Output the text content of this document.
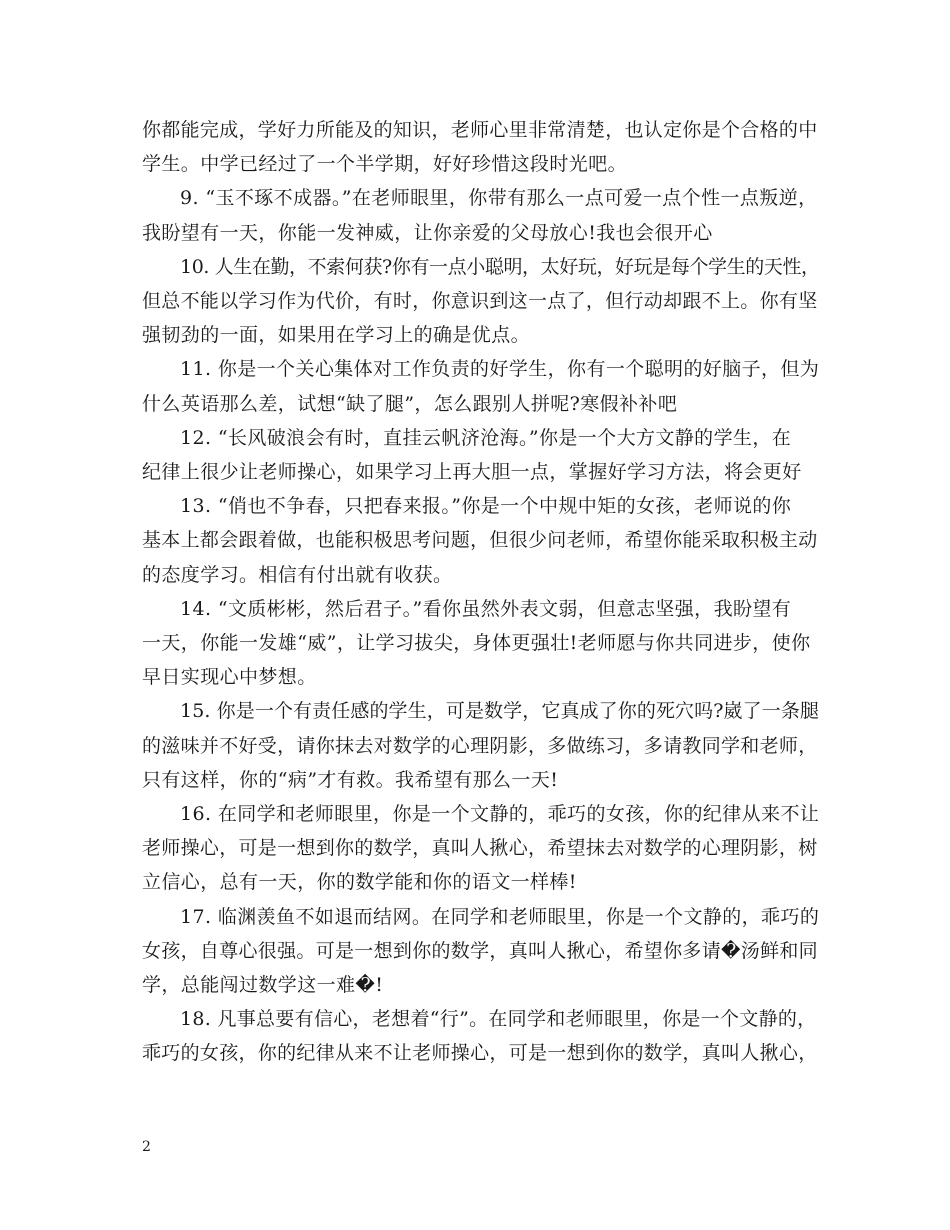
你都能完成，学好力所能及的知识，老师心里非常清楚，也认定你是个合格的中
学生。中学已经过了一个半学期，好好珍惜这段时光吧。
9. “玉不琢不成器。”在老师眼里，你带有那么一点可爱一点个性一点叛逆，
我盼望有一天，你能一发神威，让你亲爱的父母放心!我也会很开心
10. 人生在勤，不索何获?你有一点小聪明，太好玩，好玩是每个学生的天性，
但总不能以学习作为代价，有时，你意识到这一点了，但行动却跟不上。你有坚
强韧劲的一面，如果用在学习上的确是优点。
11. 你是一个关心集体对工作负责的好学生，你有一个聪明的好脑子，但为
什么英语那么差，试想“缺了腿”，怎么跟别人拼呢?寒假补补吧
12. “长风破浪会有时，直挂云帆济沧海。”你是一个大方文静的学生，在
纪律上很少让老师操心，如果学习上再大胆一点，掌握好学习方法，将会更好
13. “俏也不争春，只把春来报。”你是一个中规中矩的女孩，老师说的你
基本上都会跟着做，也能积极思考问题，但很少问老师，希望你能采取积极主动
的态度学习。相信有付出就有收获。
14. “文质彬彬，然后君子。”看你虽然外表文弱，但意志坚强，我盼望有
一天，你能一发雄“威”，让学习拔尖，身体更强壮!老师愿与你共同进步，使你
早日实现心中梦想。
15. 你是一个有责任感的学生，可是数学，它真成了你的死穴吗?崴了一条腿
的滋味并不好受，请你抹去对数学的心理阴影，多做练习，多请教同学和老师，
只有这样，你的“病”才有救。我希望有那么一天!
16. 在同学和老师眼里，你是一个文静的，乖巧的女孩，你的纪律从来不让
老师操心，可是一想到你的数学，真叫人揪心，希望抹去对数学的心理阴影，树
立信心，总有一天，你的数学能和你的语文一样棒!
17. 临渊羡鱼不如退而结网。在同学和老师眼里，你是一个文静的，乖巧的
女孩，自尊心很强。可是一想到你的数学，真叫人揪心，希望你多请�汤鲜和同
学，总能闯过数学这一难�!
18. 凡事总要有信心，老想着“行”。在同学和老师眼里，你是一个文静的，
乖巧的女孩，你的纪律从来不让老师操心，可是一想到你的数学，真叫人揪心，
2
